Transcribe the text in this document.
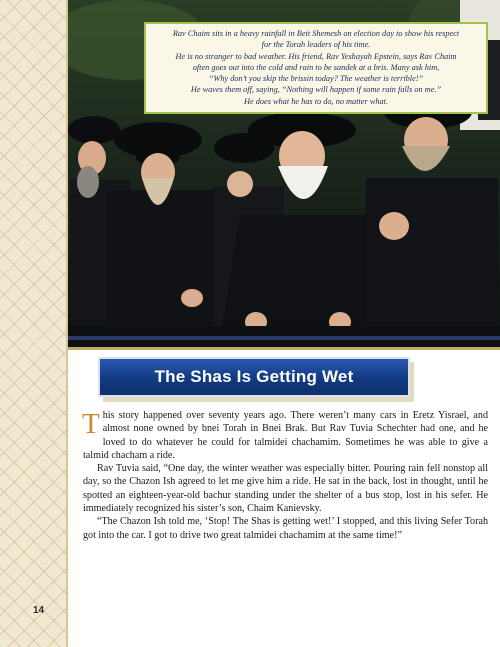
Rav Chaim sits in a heavy rainfall in Beit Shemesh on election day to show his respect
for the Torah leaders of his time.
He is no stranger to bad weather. His friend, Rav Yeshayah Epstein, says Rav Chaim
often goes out into the cold and rain to be sandek at a bris. Many ask him,
“Why don’t you skip the brissin today? The weather is terrible!”
He waves them off, saying, “Nothing will happen if some rain falls on me.”
He does what he has to do, no matter what.
The Shas Is Getting Wet

This story happened over seventy years ago. There weren’t many cars in Eretz Yisrael, and almost none owned by bnei Torah in Bnei Brak. But Rav Tuvia Schechter had one, and he loved to do whatever he could for talmidei chachamim. Sometimes he was able to give a talmid chacham a ride.

Rav Tuvia said, “One day, the winter weather was especially bitter. Pouring rain fell nonstop all day, so the Chazon Ish agreed to let me give him a ride. He sat in the back, lost in thought, until he spotted an eighteen-year-old bachur standing under the shelter of a bus stop, lost in his sefer. He immediately recognized his sister’s son, Chaim Kanievsky.

“The Chazon Ish told me, ‘Stop! The Shas is getting wet!’ I stopped, and this living Sefer Torah got into the car. I got to drive two great talmidei chachamim at the same time!”

14
